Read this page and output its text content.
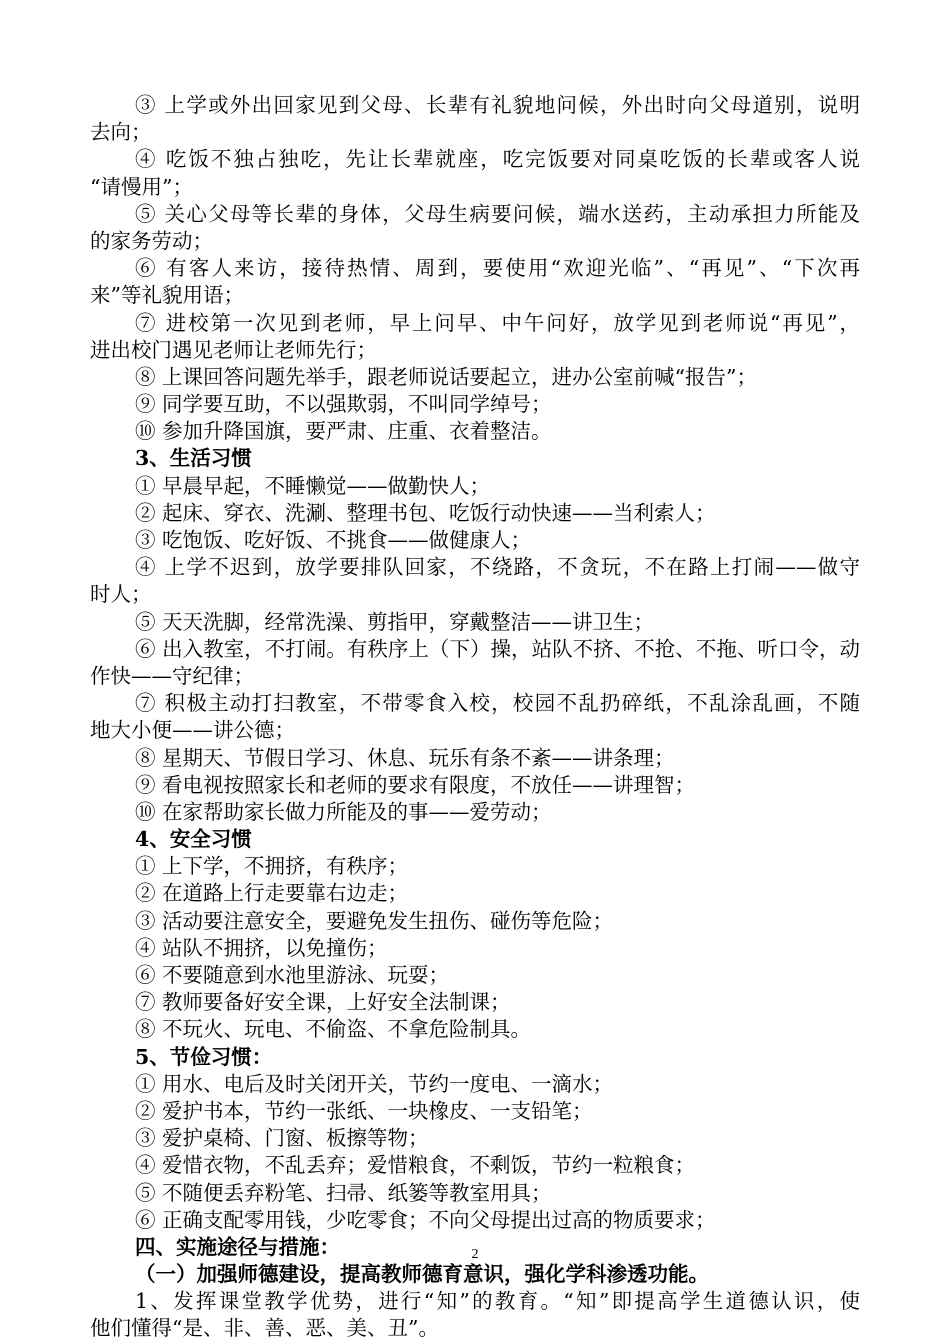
③ 上学或外出回家见到父母、长辈有礼貌地问候，外出时向父母道别，说明
去向；
④ 吃饭不独占独吃，先让长辈就座，吃完饭要对同桌吃饭的长辈或客人说
“请慢用”；
⑤ 关心父母等长辈的身体，父母生病要问候，端水送药，主动承担力所能及
的家务劳动；
⑥ 有客人来访，接待热情、周到，要使用“欢迎光临”、“再见”、“下次再
来”等礼貌用语；
⑦ 进校第一次见到老师，早上问早、中午问好，放学见到老师说“再见”，
进出校门遇见老师让老师先行；
⑧ 上课回答问题先举手，跟老师说话要起立，进办公室前喊“报告”；
⑨ 同学要互助，不以强欺弱，不叫同学绰号；
⑩ 参加升降国旗，要严肃、庄重、衣着整洁。
3、生活习惯
① 早晨早起，不睡懒觉——做勤快人；
② 起床、穿衣、洗涮、整理书包、吃饭行动快速——当利索人；
③ 吃饱饭、吃好饭、不挑食——做健康人；
④ 上学不迟到，放学要排队回家，不绕路，不贪玩，不在路上打闹——做守
时人；
⑤ 天天洗脚，经常洗澡、剪指甲，穿戴整洁——讲卫生；
⑥ 出入教室，不打闹。有秩序上（下）操，站队不挤、不抢、不拖、听口令，动
作快——守纪律；
⑦ 积极主动打扫教室，不带零食入校，校园不乱扔碎纸，不乱涂乱画，不随
地大小便——讲公德；
⑧ 星期天、节假日学习、休息、玩乐有条不紊——讲条理；
⑨ 看电视按照家长和老师的要求有限度，不放任——讲理智；
⑩ 在家帮助家长做力所能及的事——爱劳动；
4、安全习惯
① 上下学，不拥挤，有秩序；
② 在道路上行走要靠右边走；
③ 活动要注意安全，要避免发生扭伤、碰伤等危险；
④ 站队不拥挤，以免撞伤；
⑥ 不要随意到水池里游泳、玩耍；
⑦ 教师要备好安全课，上好安全法制课；
⑧ 不玩火、玩电、不偷盗、不拿危险制具。
5、节俭习惯：
① 用水、电后及时关闭开关，节约一度电、一滴水；
② 爱护书本，节约一张纸、一块橡皮、一支铅笔；
③ 爱护桌椅、门窗、板擦等物；
④ 爱惜衣物，不乱丢弃；爱惜粮食，不剩饭，节约一粒粮食；
⑤ 不随便丢弃粉笔、扫帚、纸篓等教室用具；
⑥ 正确支配零用钱，少吃零食；不向父母提出过高的物质要求；
四、实施途径与措施：
（一）加强师德建设，提高教师德育意识，强化学科渗透功能。
1、发挥课堂教学优势，进行“知”的教育。“知”即提高学生道德认识，使
他们懂得“是、非、善、恶、美、丑”。
2
